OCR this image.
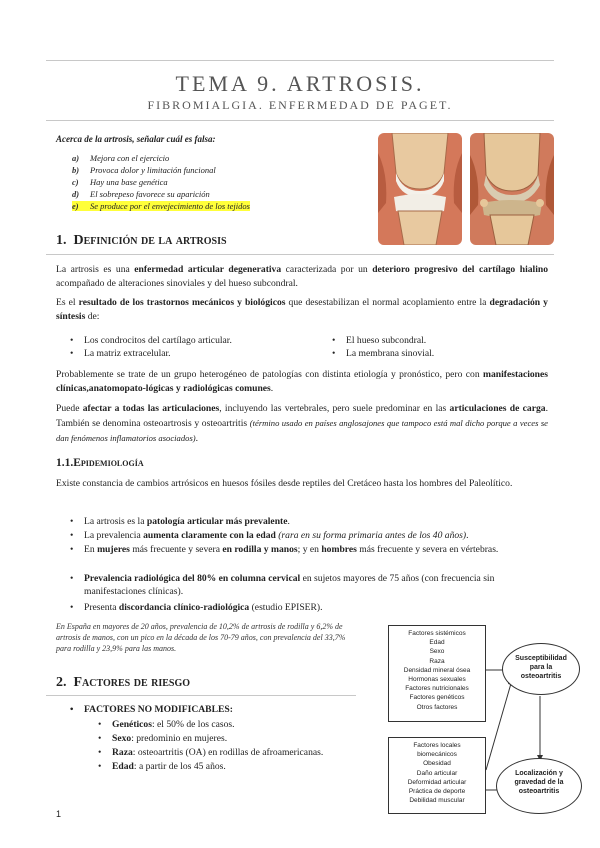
TEMA 9. ARTROSIS.
FIBROMIALGIA. ENFERMEDAD DE PAGET.
Acerca de la artrosis, señalar cuál es falsa:
a) Mejora con el ejercicio
b) Provoca dolor y limitación funcional
c) Hay una base genética
d) El sobrepeso favorece su aparición
e) Se produce por el envejecimiento de los tejidos
1. Definición de la artrosis
La artrosis es una enfermedad articular degenerativa caracterizada por un deterioro progresivo del cartílago hialino acompañado de alteraciones sinoviales y del hueso subcondral.
Es el resultado de los trastornos mecánicos y biológicos que desestabilizan el normal acoplamiento entre la degradación y síntesis de:
• Los condrocitos del cartílago articular.
• La matriz extracelular.
• El hueso subcondral.
• La membrana sinovial.
Probablemente se trate de un grupo heterogéneo de patologías con distinta etiología y pronóstico, pero con manifestaciones clínicas,anatomopato-lógicas y radiológicas comunes.
Puede afectar a todas las articulaciones, incluyendo las vertebrales, pero suele predominar en las articulaciones de carga. También se denomina osteoartrosis y osteoartritis (término usado en países anglosajones que tampoco está mal dicho porque a veces se dan fenómenos inflamatorios asociados).
1.1.Epidemiología
Existe constancia de cambios artrósicos en huesos fósiles desde reptiles del Cretáceo hasta los hombres del Paleolítico.
• La artrosis es la patología articular más prevalente.
• La prevalencia aumenta claramente con la edad (rara en su forma primaria antes de los 40 años).
• En mujeres más frecuente y severa en rodilla y manos; y en hombres más frecuente y severa en vértebras.
• Prevalencia radiológica del 80% en columna cervical en sujetos mayores de 75 años (con frecuencia sin manifestaciones clínicas).
• Presenta discordancia clínico-radiológica (estudio EPISER).
En España en mayores de 20 años, prevalencia de 10,2% de artrosis de rodilla y 6,2% de artrosis de manos, con un pico en la década de los 70-79 años, con prevalencia del 33,7% para rodilla y 23,9% para las manos.
2. Factores de riesgo
• FACTORES NO MODIFICABLES:
• Genéticos: el 50% de los casos.
• Sexo: predominio en mujeres.
• Raza: osteoartritis (OA) en rodillas de afroamericanas.
• Edad: a partir de los 45 años.
Factores sistémicos
Edad
Sexo
Raza
Densidad mineral ósea
Hormonas sexuales
Factores nutricionales
Factores genéticos
Otros factores
Factores locales biomecánicos
Obesidad
Daño articular
Deformidad articular
Práctica de deporte
Debilidad muscular
Susceptibilidad para la osteoartritis
Localización y gravedad de la osteoartritis
1
